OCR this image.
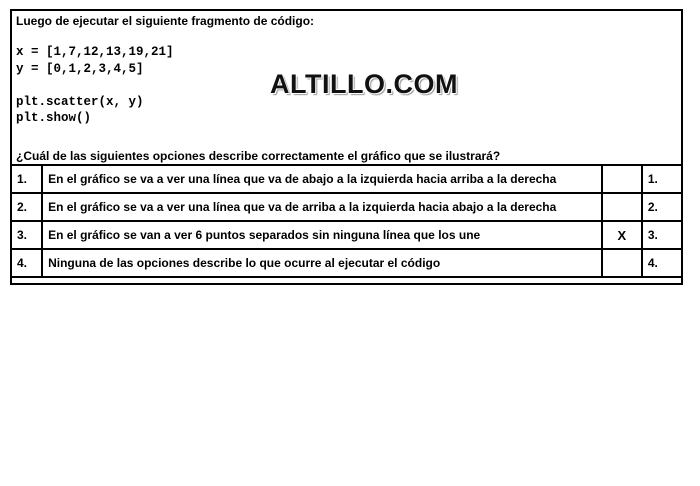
Luego de ejecutar el siguiente fragmento de código:
x = [1,7,12,13,19,21]
y = [0,1,2,3,4,5]

plt.scatter(x, y)
plt.show()
ALTILLO.COM
¿Cuál de las siguientes opciones describe correctamente el gráfico que se ilustrará?
1.	En el gráfico se va a ver una línea que va de abajo a la izquierda hacia arriba a la derecha		1.
2.	En el gráfico se va a ver una línea que va de arriba a la izquierda hacia abajo a la derecha		2.
3.	En el gráfico se van a ver 6 puntos separados sin ninguna línea que los une	X	3.
4.	Ninguna de las opciones describe lo que ocurre al ejecutar el código		4.
